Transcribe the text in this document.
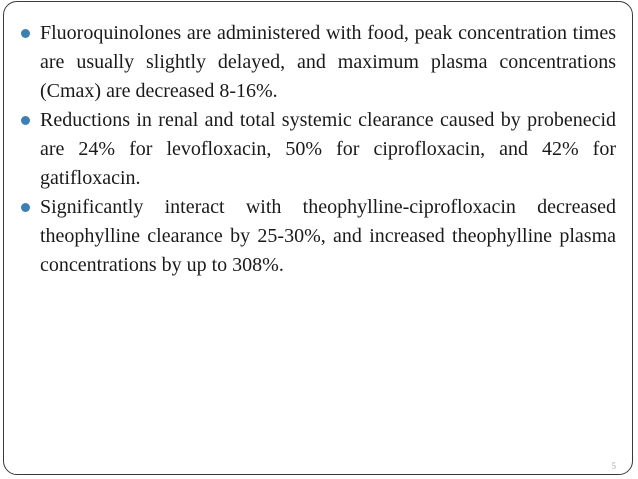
Fluoroquinolones are administered with food, peak concentration times are usually slightly delayed, and maximum plasma concentrations (Cmax) are decreased 8-16%.
Reductions in renal and total systemic clearance caused by probenecid are 24% for levofloxacin, 50% for ciprofloxacin, and 42% for gatifloxacin.
Significantly interact with theophylline-ciprofloxacin decreased theophylline clearance by 25-30%, and increased theophylline plasma concentrations by up to 308%.
5
